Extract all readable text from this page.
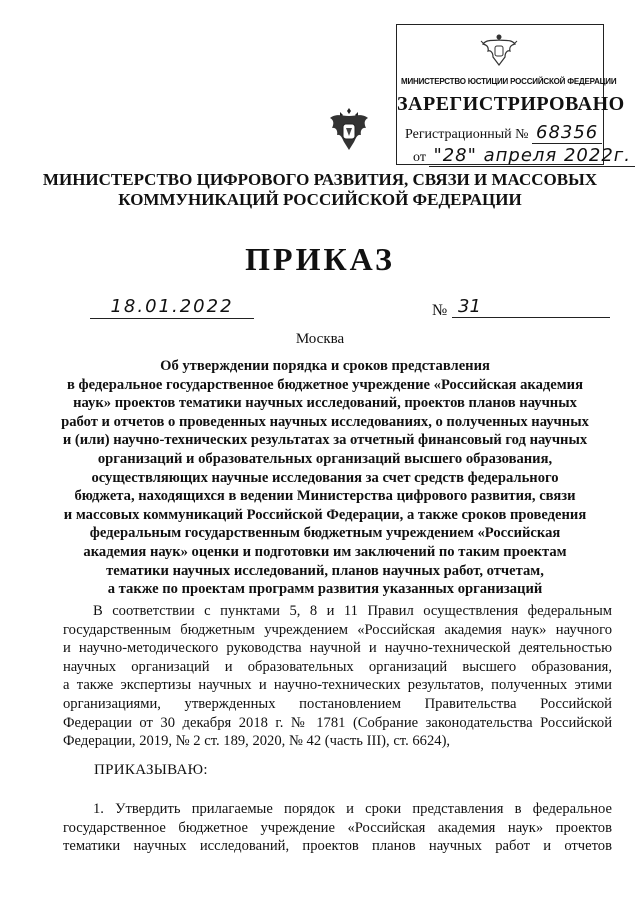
МИНИСТЕРСТВО ЮСТИЦИИ РОССИЙСКОЙ ФЕДЕРАЦИИ
ЗАРЕГИСТРИРОВАНО
Регистрационный № 68356
от "28" апреля 2022г.
МИНИСТЕРСТВО ЦИФРОВОГО РАЗВИТИЯ, СВЯЗИ И МАССОВЫХ
КОММУНИКАЦИЙ РОССИЙСКОЙ ФЕДЕРАЦИИ
ПРИКАЗ
18.01.2022	№ 31
Москва
Об утверждении порядка и сроков представления
в федеральное государственное бюджетное учреждение «Российская академия
наук» проектов тематики научных исследований, проектов планов научных
работ и отчетов о проведенных научных исследованиях, о полученных научных
и (или) научно-технических результатах за отчетный финансовый год научных
организаций и образовательных организаций высшего образования,
осуществляющих научные исследования за счет средств федерального
бюджета, находящихся в ведении Министерства цифрового развития, связи
и массовых коммуникаций Российской Федерации, а также сроков проведения
федеральным государственным бюджетным учреждением «Российская
академия наук» оценки и подготовки им заключений по таким проектам
тематики научных исследований, планов научных работ, отчетам,
а также по проектам программ развития указанных организаций
В соответствии с пунктами 5, 8 и 11 Правил осуществления федеральным
государственным бюджетным учреждением «Российская академия наук» научного
и научно-методического руководства научной и научно-технической деятельностью
научных организаций и образовательных организаций высшего образования,
а также экспертизы научных и научно-технических результатов, полученных этими
организациями, утвержденных постановлением Правительства Российской
Федерации от 30 декабря 2018 г. № 1781 (Собрание законодательства Российской
Федерации, 2019, № 2 ст. 189, 2020, № 42 (часть III), ст. 6624),
ПРИКАЗЫВАЮ:
1. Утвердить прилагаемые порядок и сроки представления в федеральное
государственное бюджетное учреждение «Российская академия наук» проектов
тематики научных исследований, проектов планов научных работ и отчетов
